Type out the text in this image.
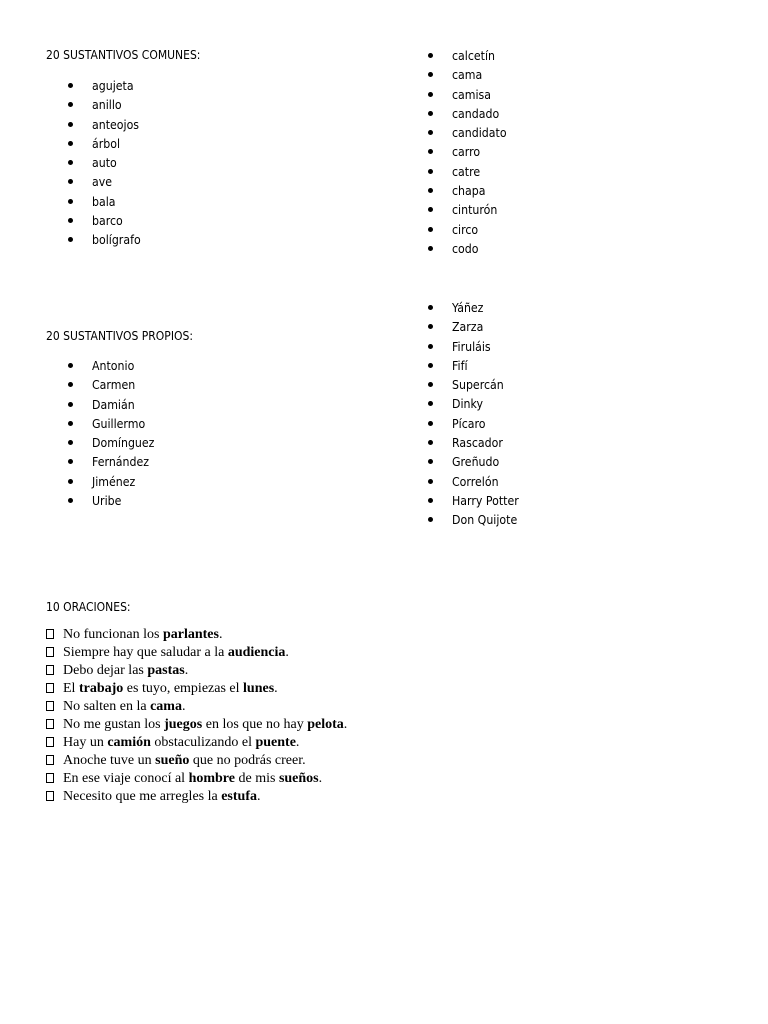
20 SUSTANTIVOS COMUNES:
agujeta
anillo
anteojos
árbol
auto
ave
bala
barco
bolígrafo
calcetín
cama
camisa
candado
candidato
carro
catre
chapa
cinturón
circo
codo
20 SUSTANTIVOS PROPIOS:
Antonio
Carmen
Damián
Guillermo
Domínguez
Fernández
Jiménez
Uribe
Yáñez
Zarza
Firuláis
Fifí
Supercán
Dinky
Pícaro
Rascador
Greñudo
Correlón
Harry Potter
Don Quijote
10 ORACIONES:
No funcionan los parlantes.
Siempre hay que saludar a la audiencia.
Debo dejar las pastas.
El trabajo es tuyo, empiezas el lunes.
No salten en la cama.
No me gustan los juegos en los que no hay pelota.
Hay un camión obstaculizando el puente.
Anoche tuve un sueño que no podrás creer.
En ese viaje conocí al hombre de mis sueños.
Necesito que me arregles la estufa.
